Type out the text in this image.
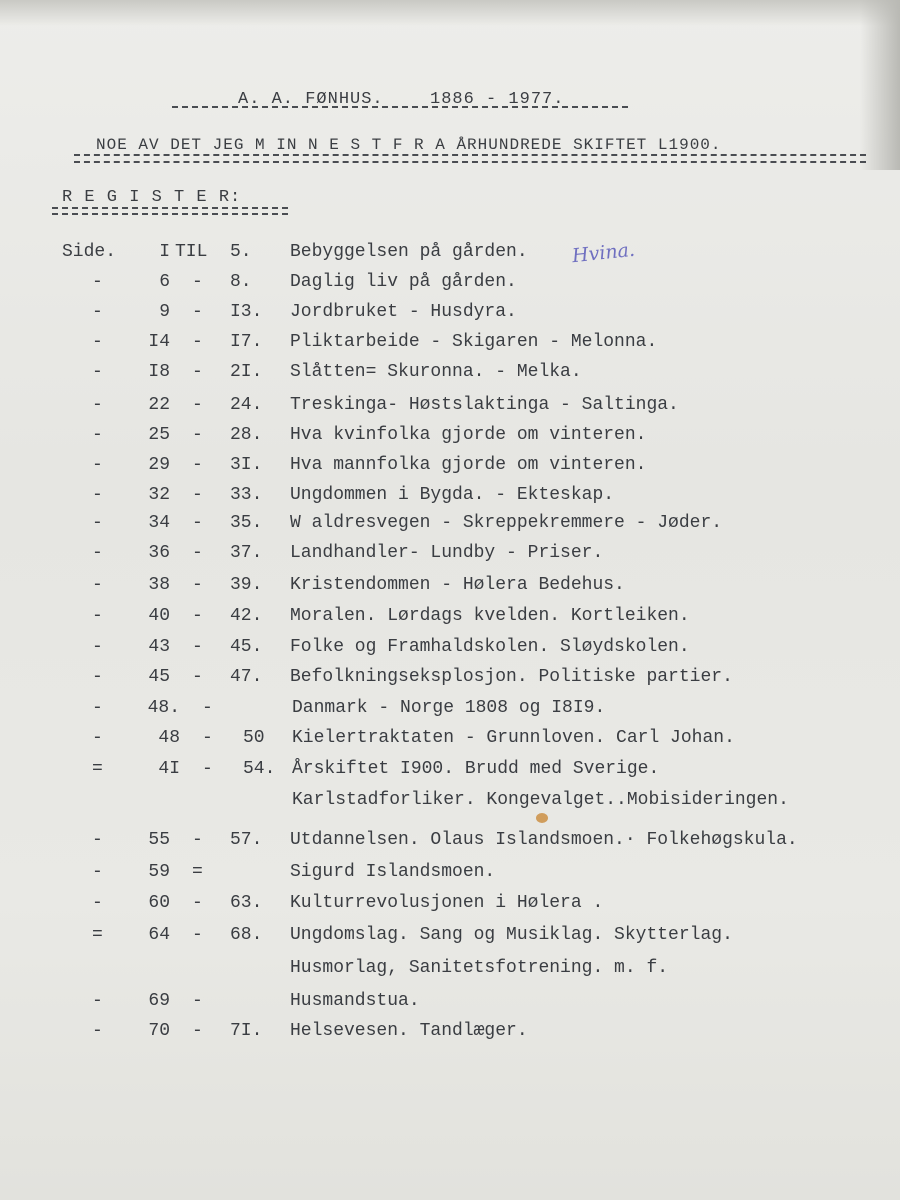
A. A. FØNHUS.	1886 - 1977.
NOE AV DET JEG M IN N E S T F R A ÅRHUNDREDE SKIFTET L1900.
R E G I S T E R:
Hvina.
Side.	I TIL 5. Bebyggelsen på gården.
-	6 - 8. Daglig liv på gården.
-	9 - I3. Jordbruket - Husdyra.
-	I4 - I7. Pliktarbeide - Skigaren - Melonna.
-	I8 - 2I. Slåtten= Skuronna. - Melka.
-	22 - 24. Treskinga- Høstslaktinga - Saltinga.
-	25 - 28. Hva kvinfolka gjorde om vinteren.
-	29 - 3I. Hva mannfolka gjorde om vinteren.
-	32 - 33. Ungdommen i Bygda. - Ekteskap.
-	34 - 35. W aldresvegen - Skreppekremmere - Jøder.
-	36 - 37. Landhandler- Lundby - Priser.
-	38 - 39. Kristendommen - Hølera Bedehus.
-	40 - 42. Moralen. Lørdags kvelden. Kortleiken.
-	43 - 45. Folke og Framhaldskolen. Sløydskolen.
-	45 - 47. Befolkningseksplosjon. Politiske partier.
-	48. -	Danmark - Norge 1808 og I8I9.
-	48 - 50 Kielertraktaten - Grunnloven. Carl Johan.
=	4I - 54. Årskiftet I900. Brudd med Sverige.
Karlstadforliker. Kongevalget..Mobisideringen.
-	55 - 57. Utdannelsen. Olaus Islandsmoen.· Folkehøgskula.
-	59 =	Sigurd Islandsmoen.
-	60 - 63. Kulturrevolusjonen i Hølera .
=	64 - 68. Ungdomslag. Sang og Musiklag. Skytterlag.
Husmorlag, Sanitetsfotrening. m. f.
-	69 -	Husmandstua.
-	70 - 7I. Helsevesen. Tandlæger.
